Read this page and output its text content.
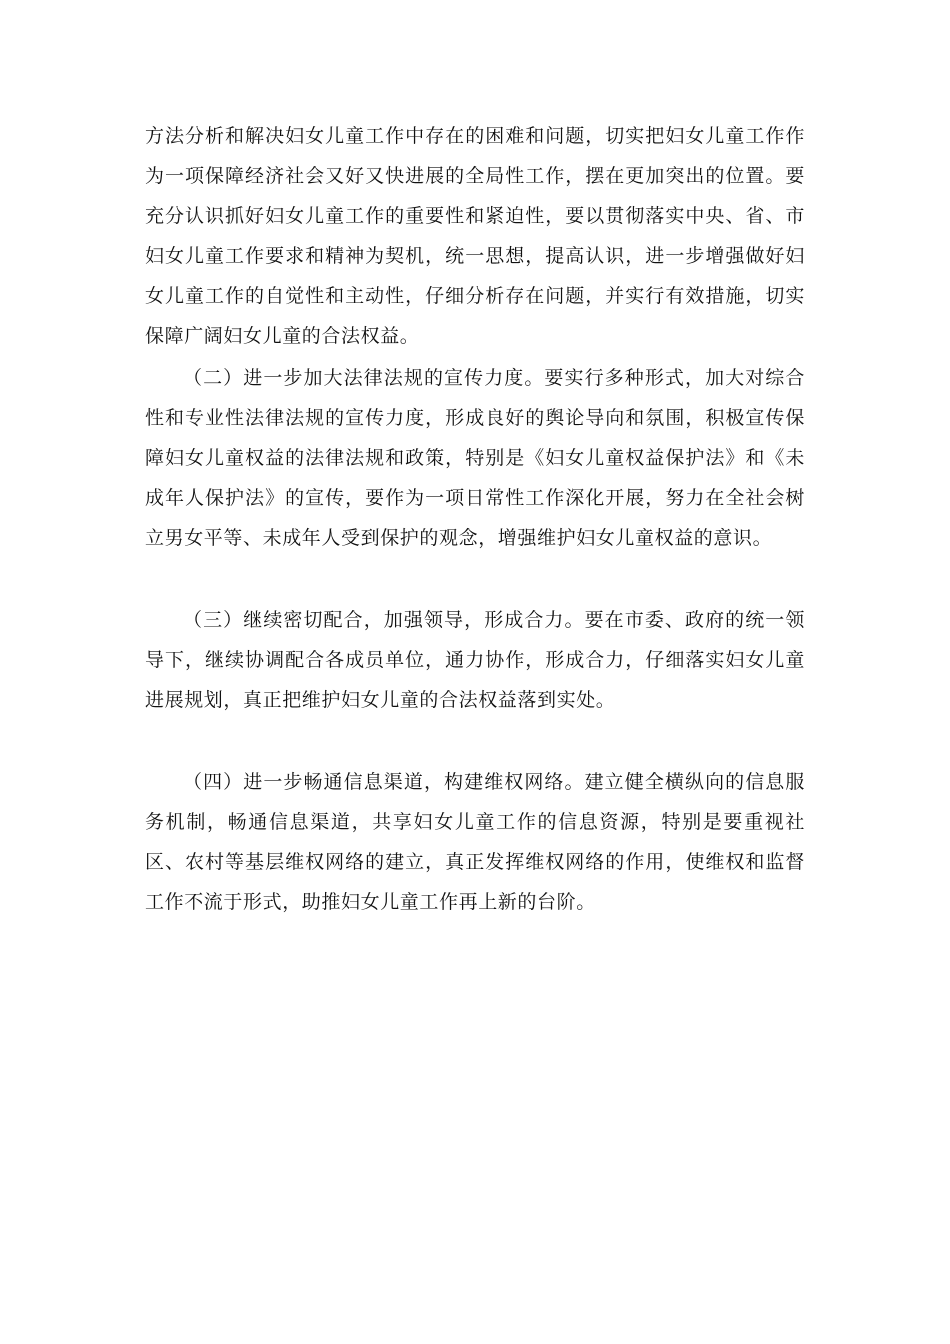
方法分析和解决妇女儿童工作中存在的困难和问题，切实把妇女儿童工作作为一项保障经济社会又好又快进展的全局性工作，摆在更加突出的位置。要充分认识抓好妇女儿童工作的重要性和紧迫性，要以贯彻落实中央、省、市妇女儿童工作要求和精神为契机，统一思想，提高认识，进一步增强做好妇女儿童工作的自觉性和主动性，仔细分析存在问题，并实行有效措施，切实保障广阔妇女儿童的合法权益。

（二）进一步加大法律法规的宣传力度。要实行多种形式，加大对综合性和专业性法律法规的宣传力度，形成良好的舆论导向和氛围，积极宣传保障妇女儿童权益的法律法规和政策，特别是《妇女儿童权益保护法》和《未成年人保护法》的宣传，要作为一项日常性工作深化开展，努力在全社会树立男女平等、未成年人受到保护的观念，增强维护妇女儿童权益的意识。

（三）继续密切配合，加强领导，形成合力。要在市委、政府的统一领导下，继续协调配合各成员单位，通力协作，形成合力，仔细落实妇女儿童进展规划，真正把维护妇女儿童的合法权益落到实处。

（四）进一步畅通信息渠道，构建维权网络。建立健全横纵向的信息服务机制，畅通信息渠道，共享妇女儿童工作的信息资源，特别是要重视社区、农村等基层维权网络的建立，真正发挥维权网络的作用，使维权和监督工作不流于形式，助推妇女儿童工作再上新的台阶。
